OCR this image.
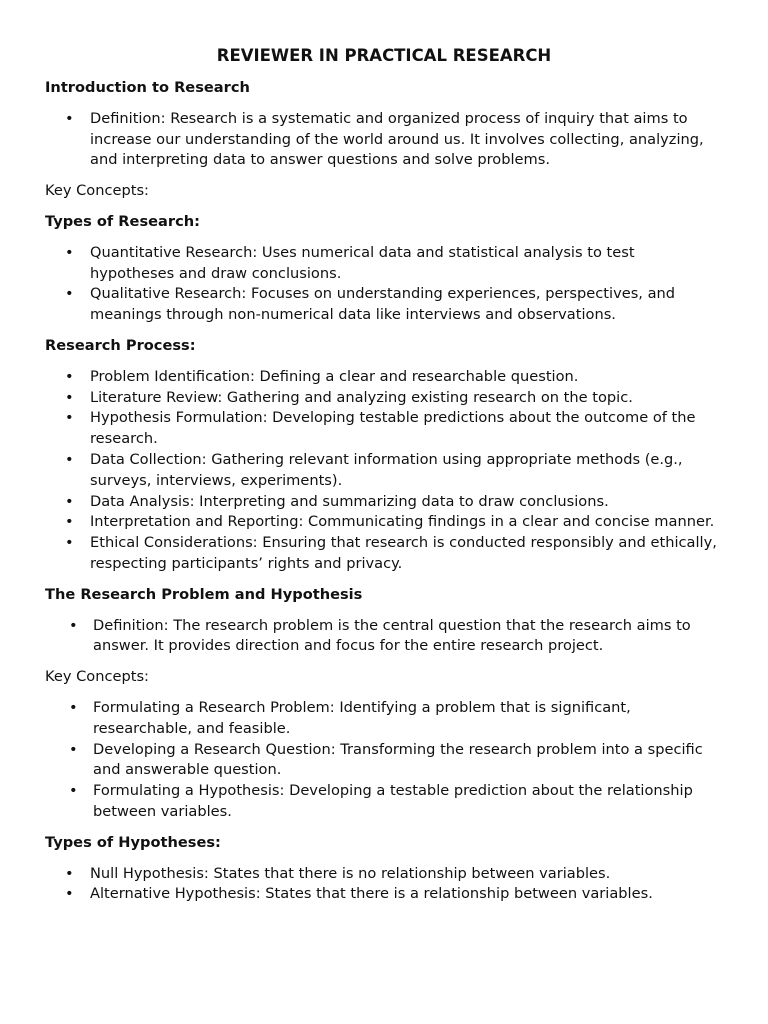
REVIEWER IN PRACTICAL RESEARCH
Introduction to Research
• Definition: Research is a systematic and organized process of inquiry that aims to increase our understanding of the world around us. It involves collecting, analyzing, and interpreting data to answer questions and solve problems.
Key Concepts:
Types of Research:
• Quantitative Research: Uses numerical data and statistical analysis to test hypotheses and draw conclusions.
• Qualitative Research: Focuses on understanding experiences, perspectives, and meanings through non-numerical data like interviews and observations.
Research Process:
• Problem Identification: Defining a clear and researchable question.
• Literature Review: Gathering and analyzing existing research on the topic.
• Hypothesis Formulation: Developing testable predictions about the outcome of the research.
• Data Collection: Gathering relevant information using appropriate methods (e.g., surveys, interviews, experiments).
• Data Analysis: Interpreting and summarizing data to draw conclusions.
• Interpretation and Reporting: Communicating findings in a clear and concise manner.
• Ethical Considerations: Ensuring that research is conducted responsibly and ethically, respecting participants’ rights and privacy.
The Research Problem and Hypothesis
• Definition: The research problem is the central question that the research aims to answer. It provides direction and focus for the entire research project.
Key Concepts:
• Formulating a Research Problem: Identifying a problem that is significant, researchable, and feasible.
• Developing a Research Question: Transforming the research problem into a specific and answerable question.
• Formulating a Hypothesis: Developing a testable prediction about the relationship between variables.
Types of Hypotheses:
• Null Hypothesis: States that there is no relationship between variables.
• Alternative Hypothesis: States that there is a relationship between variables.
